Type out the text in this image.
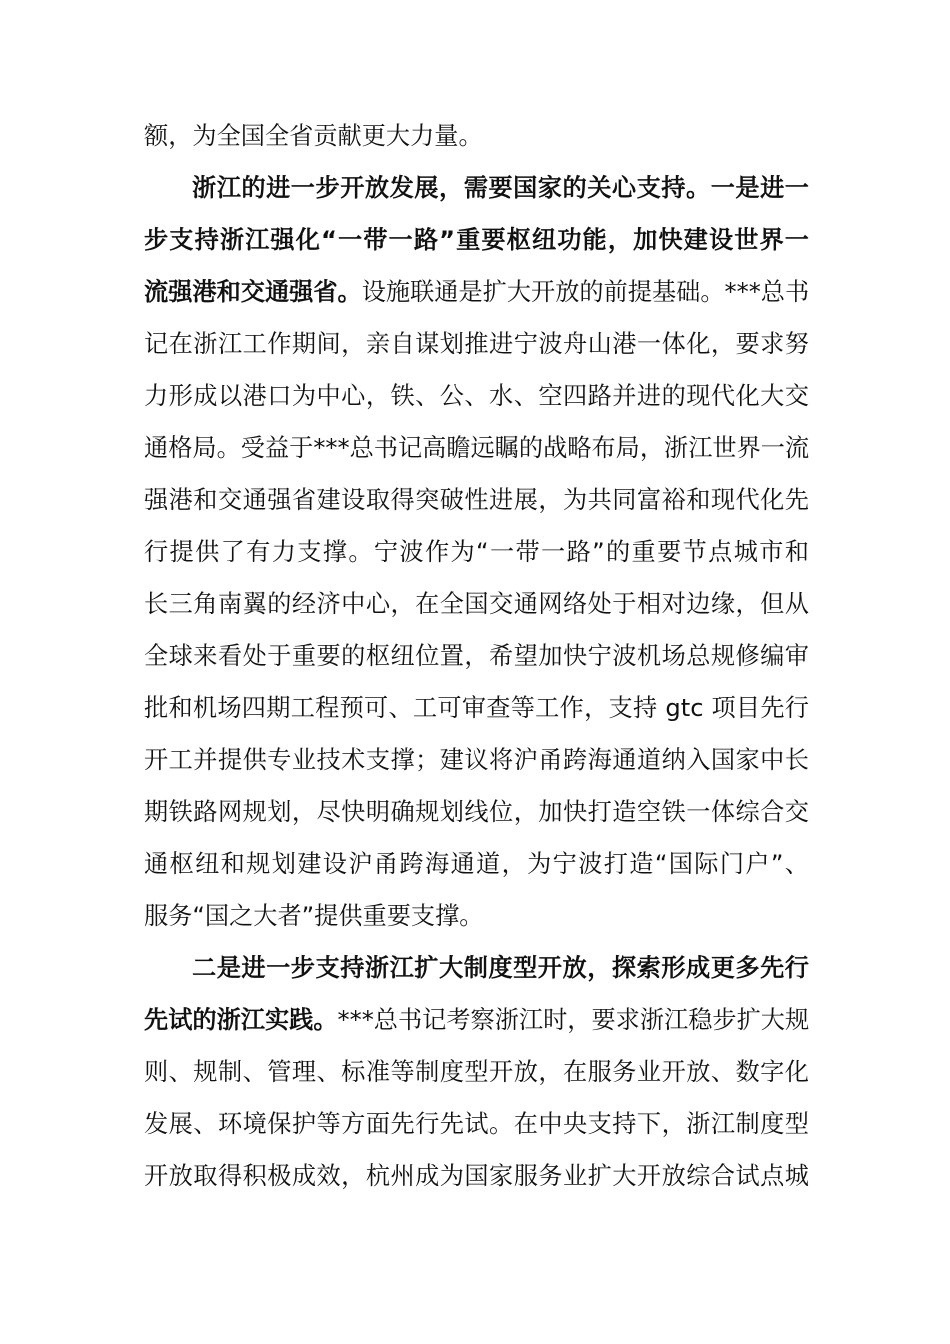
额，为全国全省贡献更大力量。
浙江的进一步开放发展，需要国家的关心支持。一是进一
步支持浙江强化“一带一路”重要枢纽功能，加快建设世界一
流强港和交通强省。设施联通是扩大开放的前提基础。***总书
记在浙江工作期间，亲自谋划推进宁波舟山港一体化，要求努
力形成以港口为中心，铁、公、水、空四路并进的现代化大交
通格局。受益于***总书记高瞻远瞩的战略布局，浙江世界一流
强港和交通强省建设取得突破性进展，为共同富裕和现代化先
行提供了有力支撑。宁波作为“一带一路”的重要节点城市和
长三角南翼的经济中心，在全国交通网络处于相对边缘，但从
全球来看处于重要的枢纽位置，希望加快宁波机场总规修编审
批和机场四期工程预可、工可审查等工作，支持 gtc 项目先行
开工并提供专业技术支撑；建议将沪甬跨海通道纳入国家中长
期铁路网规划，尽快明确规划线位，加快打造空铁一体综合交
通枢纽和规划建设沪甬跨海通道，为宁波打造“国际门户”、
服务“国之大者”提供重要支撑。
二是进一步支持浙江扩大制度型开放，探索形成更多先行
先试的浙江实践。***总书记考察浙江时，要求浙江稳步扩大规
则、规制、管理、标准等制度型开放，在服务业开放、数字化
发展、环境保护等方面先行先试。在中央支持下，浙江制度型
开放取得积极成效，杭州成为国家服务业扩大开放综合试点城
